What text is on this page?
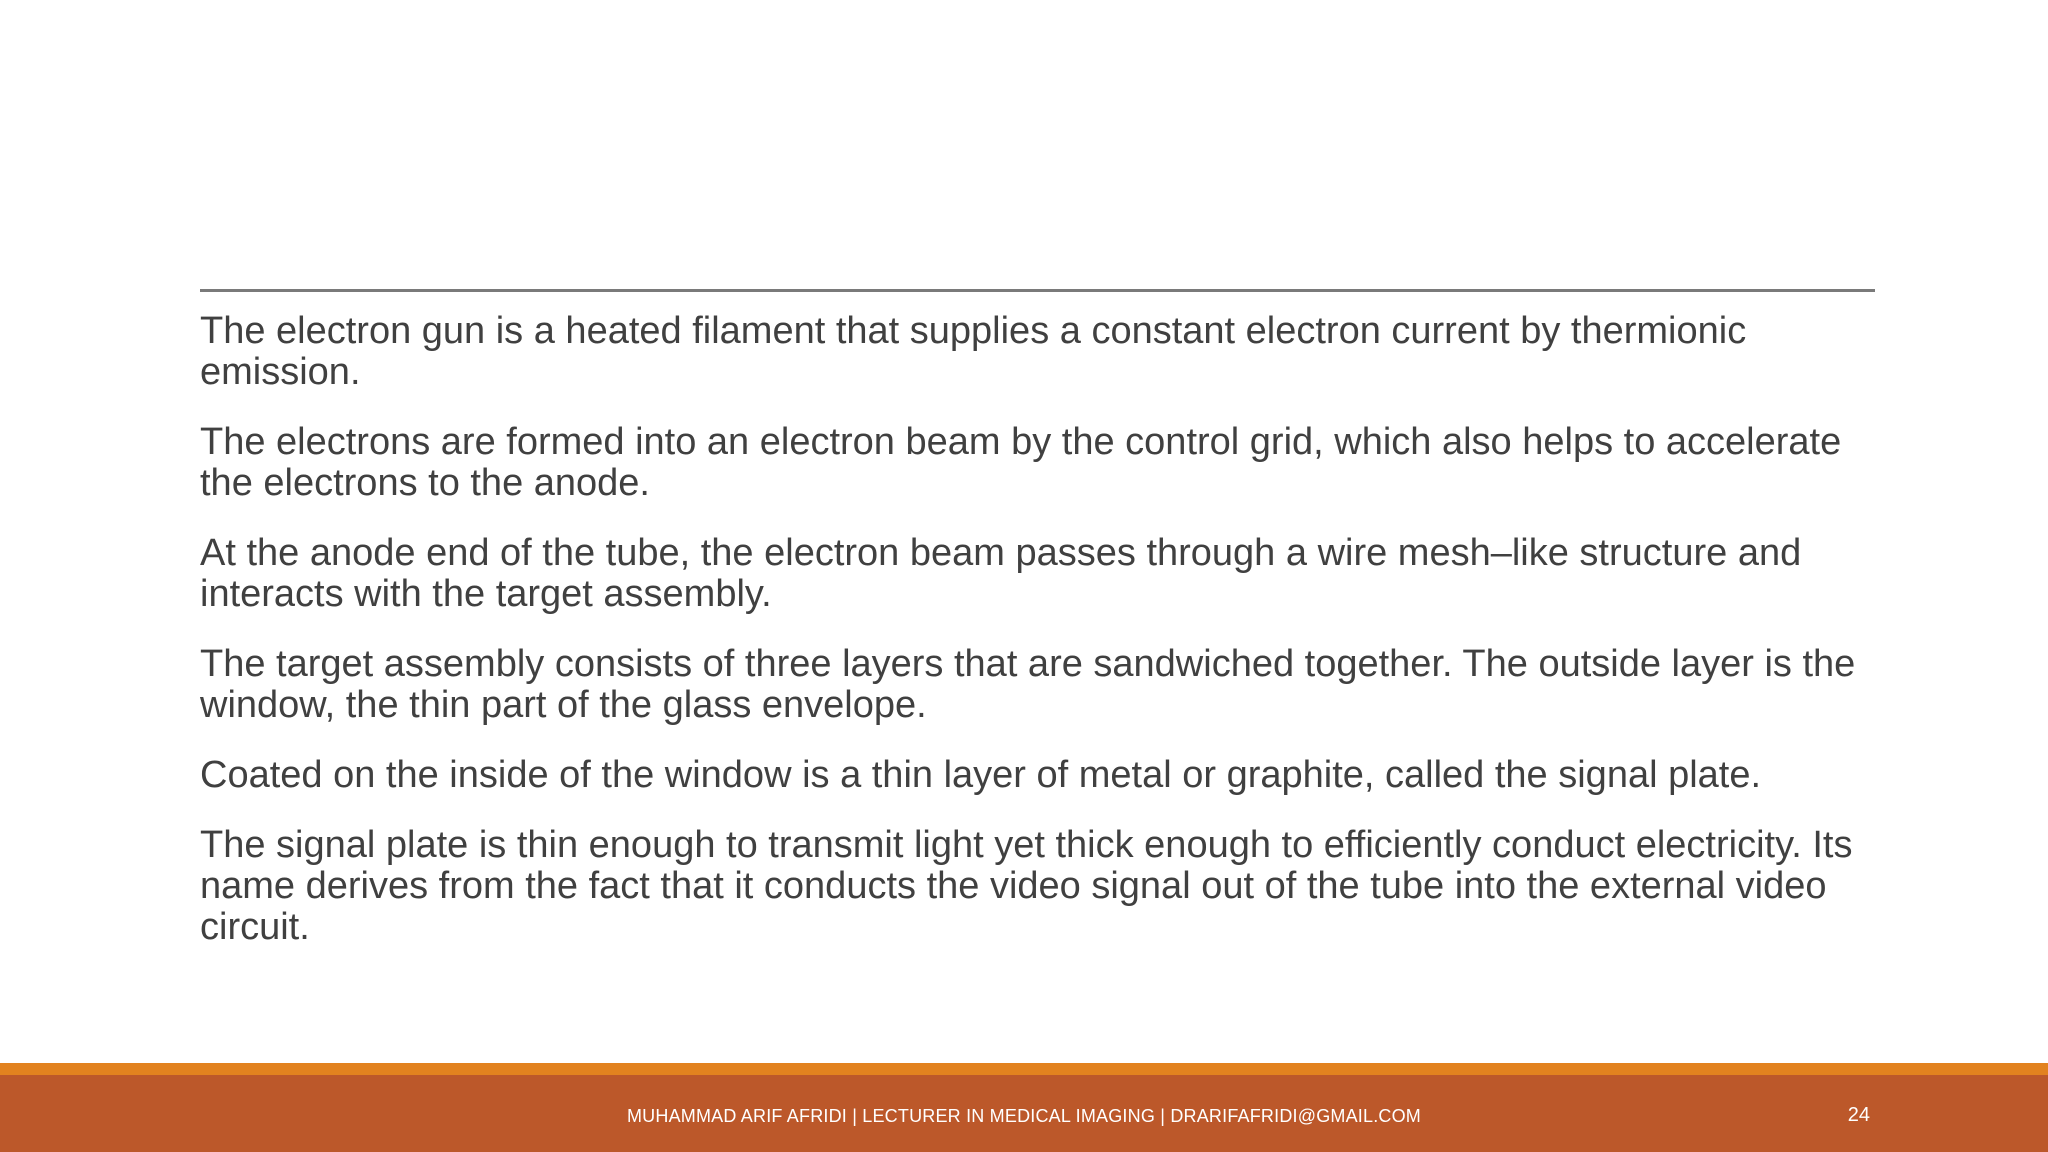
The electron gun is a heated filament that supplies a constant electron current by thermionic emission.

The electrons are formed into an electron beam by the control grid, which also helps to accelerate the electrons to the anode.

At the anode end of the tube, the electron beam passes through a wire mesh–like structure and interacts with the target assembly.

The target assembly consists of three layers that are sandwiched together. The outside layer is the window, the thin part of the glass envelope.

Coated on the inside of the window is a thin layer of metal or graphite, called the signal plate.

The signal plate is thin enough to transmit light yet thick enough to efficiently conduct electricity. Its name derives from the fact that it conducts the video signal out of the tube into the external video circuit.

MUHAMMAD ARIF AFRIDI | LECTURER IN MEDICAL IMAGING | DRARIFAFRIDI@GMAIL.COM	24
